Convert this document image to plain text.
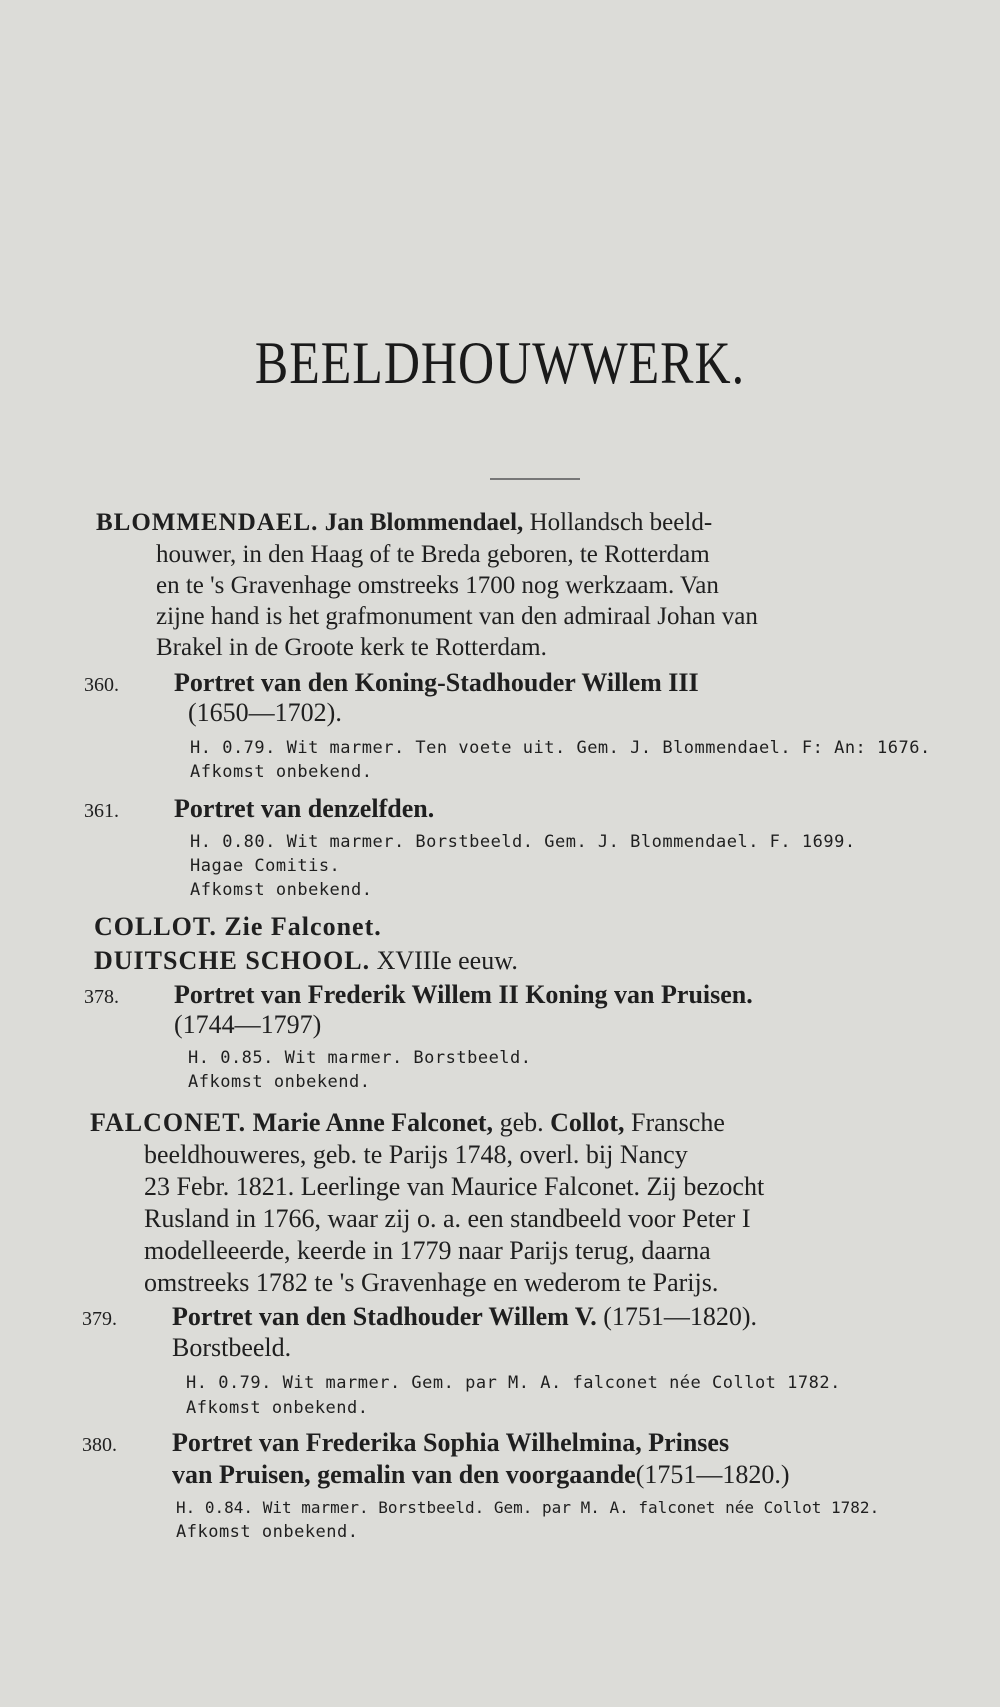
BEELDHOUWWERK.
BLOMMENDAEL. Jan Blommendael, Hollandsch beeld-
houwer, in den Haag of te Breda geboren, te Rotterdam
en te 's Gravenhage omstreeks 1700 nog werkzaam. Van
zijne hand is het grafmonument van den admiraal Johan van
Brakel in de Groote kerk te Rotterdam.
360. Portret van den Koning-Stadhouder Willem III
(1650—1702).
H. 0.79. Wit marmer. Ten voete uit. Gem. J. Blommendael. F: An: 1676.
Afkomst onbekend.
361. Portret van denzelfden.
H. 0.80. Wit marmer. Borstbeeld. Gem. J. Blommendael. F. 1699.
Hagae Comitis.
Afkomst onbekend.
COLLOT. Zie Falconet.
DUITSCHE SCHOOL. XVIIIe eeuw.
378. Portret van Frederik Willem II Koning van Pruisen.
(1744—1797)
H. 0.85. Wit marmer. Borstbeeld.
Afkomst onbekend.
FALCONET. Marie Anne Falconet, geb. Collot, Fransche
beeldhouweres, geb. te Parijs 1748, overl. bij Nancy
23 Febr. 1821. Leerlinge van Maurice Falconet. Zij bezocht
Rusland in 1766, waar zij o. a. een standbeeld voor Peter I
modelleeerde, keerde in 1779 naar Parijs terug, daarna
omstreeks 1782 te 's Gravenhage en wederom te Parijs.
379. Portret van den Stadhouder Willem V. (1751—1820).
Borstbeeld.
H. 0.79. Wit marmer. Gem. par M. A. falconet née Collot 1782.
Afkomst onbekend.
380. Portret van Frederika Sophia Wilhelmina, Prinses
van Pruisen, gemalin van den voorgaande(1751—1820.)
H. 0.84. Wit marmer. Borstbeeld. Gem. par M. A. falconet née Collot 1782.
Afkomst onbekend.
